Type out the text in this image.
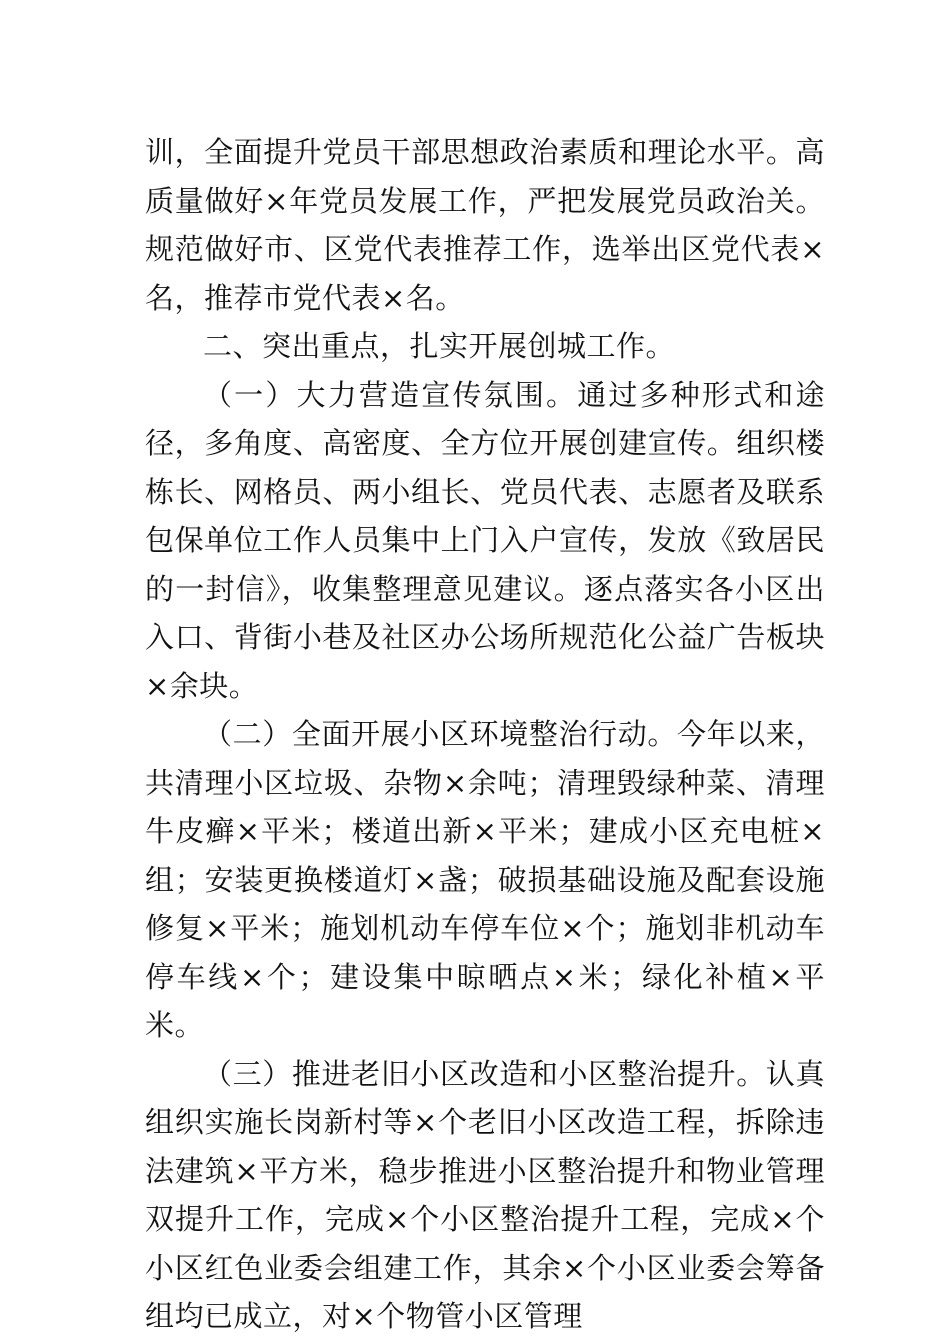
训，全面提升党员干部思想政治素质和理论水平。高质量做好×年党员发展工作，严把发展党员政治关。规范做好市、区党代表推荐工作，选举出区党代表×名，推荐市党代表×名。

二、突出重点，扎实开展创城工作。

（一）大力营造宣传氛围。通过多种形式和途径，多角度、高密度、全方位开展创建宣传。组织楼栋长、网格员、两小组长、党员代表、志愿者及联系包保单位工作人员集中上门入户宣传，发放《致居民的一封信》，收集整理意见建议。逐点落实各小区出入口、背街小巷及社区办公场所规范化公益广告板块×余块。

（二）全面开展小区环境整治行动。今年以来，共清理小区垃圾、杂物×余吨；清理毁绿种菜、清理牛皮癣×平米；楼道出新×平米；建成小区充电桩×组；安装更换楼道灯×盏；破损基础设施及配套设施修复×平米；施划机动车停车位×个；施划非机动车停车线×个；建设集中晾晒点×米；绿化补植×平米。

（三）推进老旧小区改造和小区整治提升。认真组织实施长岗新村等×个老旧小区改造工程，拆除违法建筑×平方米，稳步推进小区整治提升和物业管理双提升工作，完成×个小区整治提升工程，完成×个小区红色业委会组建工作，其余×个小区业委会筹备组均已成立，对×个物管小区管理
